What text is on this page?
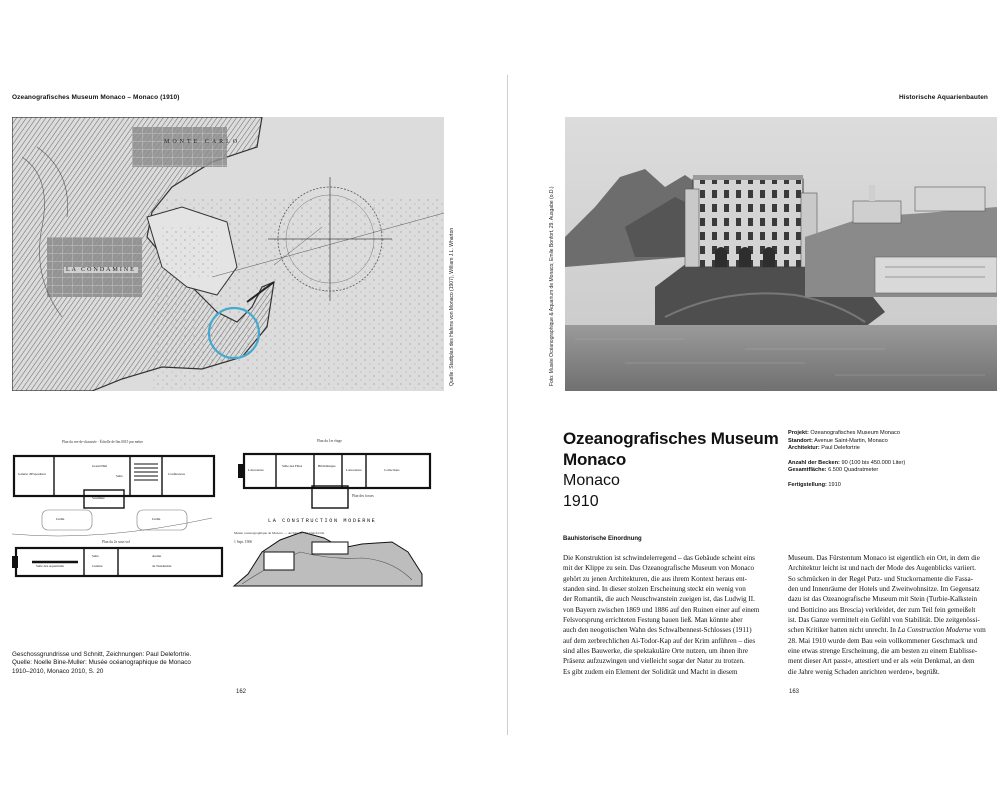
Ozeanografisches Museum Monaco – Monaco (1910)	Historische Aquarienbauten
MONTE CARLO
LA CONDAMINE	Quelle: Stadtplan des Hafens von Monaco (1907), William J.L. Wharton
Plan du rez-de-chaussée · Échelle de 0m.0015 par mètre	Plan du 1er étage
LA CONSTRUCTION MODERNE
Musée océanographique de Monaco — Architecte : M. Delefortrie
Plan des fosses
Plan du 2e sous-sol	1 Sept. 1906
Galerie d'Exposition
Grand Hall
Salle	Conférences
Vestibule
Jardin	Jardin
Laboratoire
Salle des Fêtes	Bibliothèque
Laboratoire	Collections
Salle des Aquariums
Salle
Cuisine
Atelier
de Taxidermie
Geschossgrundrisse und Schnitt, Zeichnungen: Paul Delefortrie.
Quelle: Noelle Bine-Muller: Musée océanographique de Monaco
1910–2010, Monaco 2010, S. 20
162
Foto: Musée Océanographique & Aquarium de Monaco; Emile Bonfort, 29. Ausgabe (o.D.)
Ozeanografisches Museum
Monaco
Monaco
1910
Projekt: Ozeanografisches Museum Monaco
Standort: Avenue Saint-Martin, Monaco
Architektur: Paul Delefortrie
Anzahl der Becken: 90 (100 bis 450.000 Liter)
Gesamtfläche: 6.500 Quadratmeter
Fertigstellung: 1910
Bauhistorische Einordnung
Die Konstruktion ist schwindelerregend – das Gebäude scheint eins
mit der Klippe zu sein. Das Ozeanografische Museum von Monaco
gehört zu jenen Architekturen, die aus ihrem Kontext heraus ent-
standen sind. In dieser stolzen Erscheinung steckt ein wenig von
der Romantik, die auch Neuschwanstein zueigen ist, das Ludwig II.
von Bayern zwischen 1869 und 1886 auf den Ruinen einer auf einem
Felsvorsprung errichteten Festung bauen ließ. Man könnte aber
auch den neogotischen Wahn des Schwalbennest-Schlosses (1911)
auf dem zerbrechlichen Ai-Todor-Kap auf der Krim anführen – dies
sind alles Bauwerke, die spektakuläre Orte nutzen, um ihnen ihre
Präsenz aufzuzwingen und vielleicht sogar der Natur zu trotzen.
Es gibt zudem ein Element der Solidität und Macht in diesem
Museum. Das Fürstentum Monaco ist eigentlich ein Ort, in dem die
Architektur leicht ist und nach der Mode des Augenblicks variiert.
So schmücken in der Regel Putz- und Stuckornamente die Fassa-
den und Innenräume der Hotels und Zweitwohnsitze. Im Gegensatz
dazu ist das Ozeanografische Museum mit Stein (Turbie-Kalkstein
und Botticino aus Brescia) verkleidet, der zum Teil fein gemeißelt
ist. Das Ganze vermittelt ein Gefühl von Stabilität. Die zeitgenössi-
schen Kritiker hatten nicht unrecht. In La Construction Moderne vom
28. Mai 1910 wurde dem Bau »ein vollkommener Geschmack und
eine etwas strenge Erscheinung, die am besten zu einem Etablisse-
ment dieser Art passt«, attestiert und er als »ein Denkmal, an dem
die Jahre wenig Schaden anrichten werden«, begrüßt.
163
